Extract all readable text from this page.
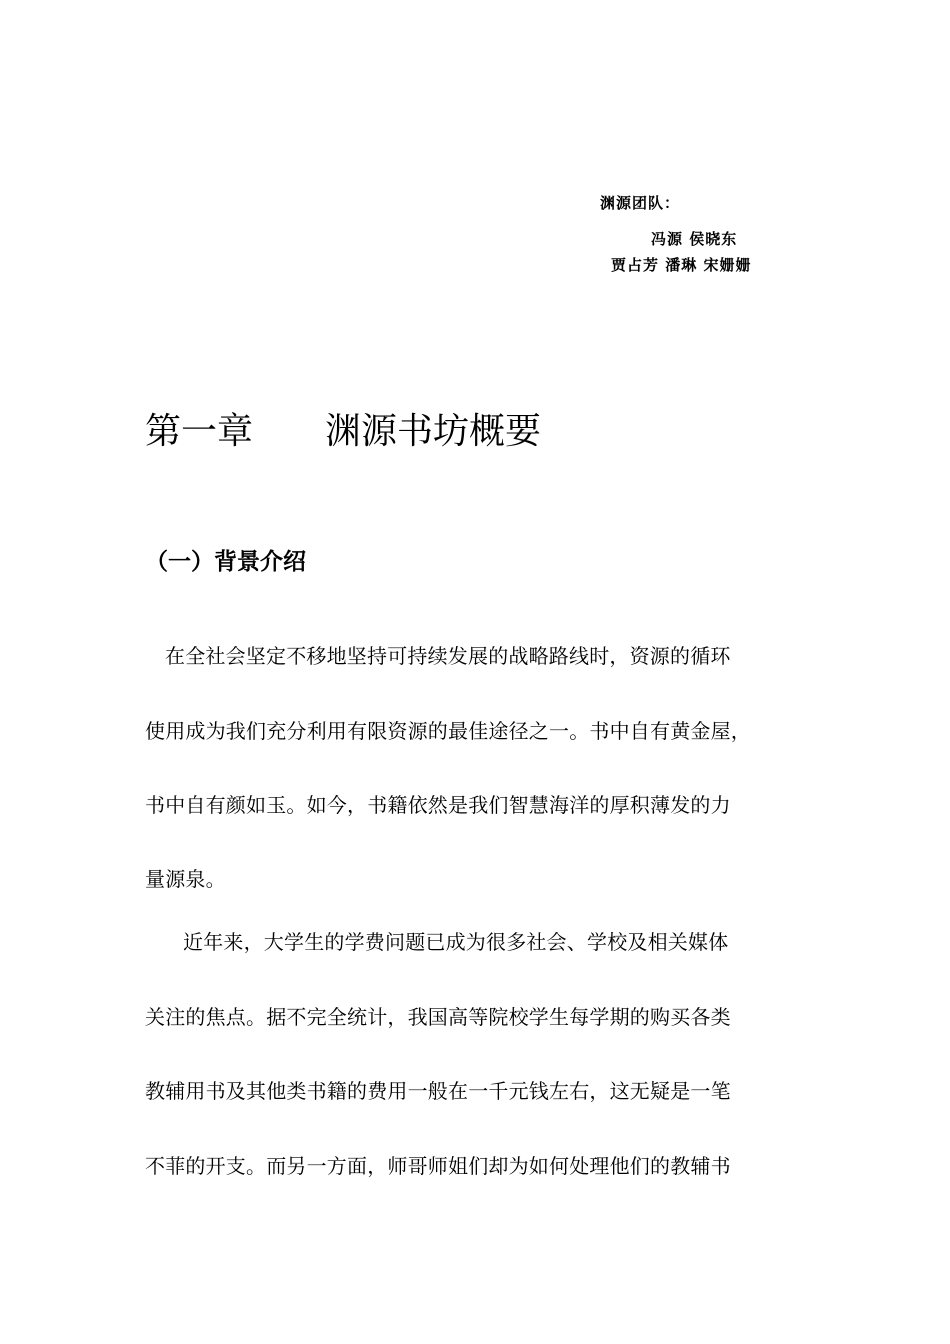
渊源团队：
冯源 侯晓东
贾占芳 潘琳 宋姗姗
第一章 渊源书坊概要
（一）背景介绍
在全社会坚定不移地坚持可持续发展的战略路线时，资源的循环
使用成为我们充分利用有限资源的最佳途径之一。书中自有黄金屋，
书中自有颜如玉。如今，书籍依然是我们智慧海洋的厚积薄发的力
量源泉。
近年来，大学生的学费问题已成为很多社会、学校及相关媒体
关注的焦点。据不完全统计，我国高等院校学生每学期的购买各类
教辅用书及其他类书籍的费用一般在一千元钱左右，这无疑是一笔
不菲的开支。而另一方面，师哥师姐们却为如何处理他们的教辅书
